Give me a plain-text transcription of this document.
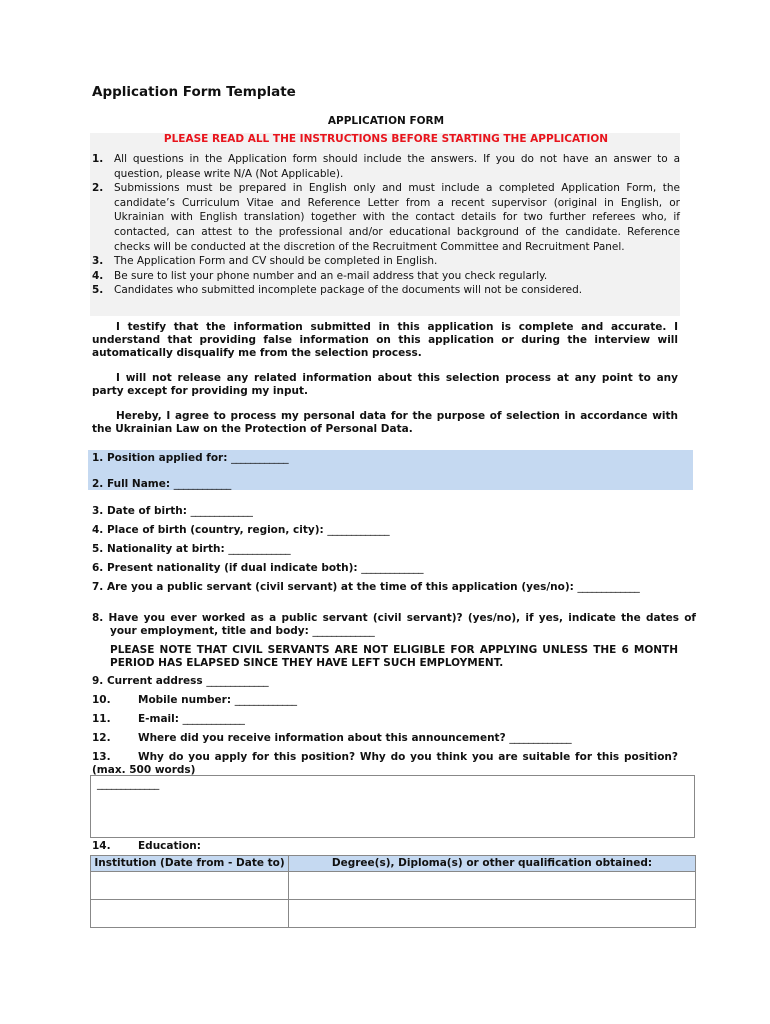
Application Form Template
APPLICATION FORM
PLEASE READ ALL THE INSTRUCTIONS BEFORE STARTING THE APPLICATION
1. All questions in the Application form should include the answers. If you do not have an answer to a question, please write N/A (Not Applicable).
2. Submissions must be prepared in English only and must include a completed Application Form, the candidate’s Curriculum Vitae and Reference Letter from a recent supervisor (original in English, or Ukrainian with English translation) together with the contact details for two further referees who, if contacted, can attest to the professional and/or educational background of the candidate. Reference checks will be conducted at the discretion of the Recruitment Committee and Recruitment Panel.
3. The Application Form and CV should be completed in English.
4. Be sure to list your phone number and an e-mail address that you check regularly.
5. Candidates who submitted incomplete package of the documents will not be considered.
I testify that the information submitted in this application is complete and accurate. I understand that providing false information on this application or during the interview will automatically disqualify me from the selection process.
I will not release any related information about this selection process at any point to any party except for providing my input.
Hereby, I agree to process my personal data for the purpose of selection in accordance with the Ukrainian Law on the Protection of Personal Data.
1. Position applied for: ____________
2. Full Name: ____________
3. Date of birth: _____________
4. Place of birth (country, region, city): _____________
5. Nationality at birth: _____________
6. Present nationality (if dual indicate both): _____________
7. Are you a public servant (civil servant) at the time of this application (yes/no): _____________
8. Have you ever worked as a public servant (civil servant)? (yes/no), if yes, indicate the dates of your employment, title and body: _____________
PLEASE NOTE THAT CIVIL SERVANTS ARE NOT ELIGIBLE FOR APPLYING UNLESS THE 6 MONTH PERIOD HAS ELAPSED SINCE THEY HAVE LEFT SUCH EMPLOYMENT.
9. Current address _____________
10.	Mobile number: _____________
11.	E-mail: _____________
12.	Where did you receive information about this announcement? _____________
13.	Why do you apply for this position? Why do you think you are suitable for this position? (max. 500 words)
_____________
14.	Education:
Institution (Date from - Date to)	Degree(s), Diploma(s) or other qualification obtained:
